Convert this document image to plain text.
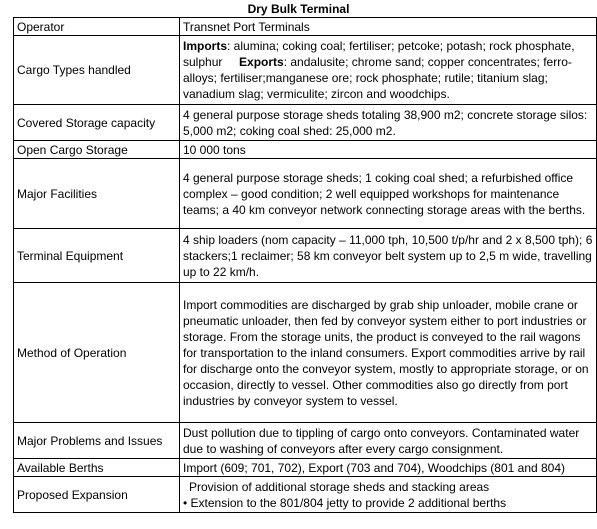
Dry Bulk Terminal
Operator	Transnet Port Terminals
Cargo Types handled	Imports: alumina; coking coal; fertiliser; petcoke; potash; rock phosphate, sulphur Exports: andalusite; chrome sand; copper concentrates; ferro- alloys; fertiliser;manganese ore; rock phosphate; rutile; titanium slag; vanadium slag; vermiculite; zircon and woodchips.
Covered Storage capacity	4 general purpose storage sheds totaling 38,900 m2; concrete storage silos: 5,000 m2; coking coal shed: 25,000 m2.
Open Cargo Storage	10 000 tons
Major Facilities	4 general purpose storage sheds; 1 coking coal shed; a refurbished office complex – good condition; 2 well equipped workshops for maintenance teams; a 40 km conveyor network connecting storage areas with the berths.
Terminal Equipment	4 ship loaders (nom capacity – 11,000 tph, 10,500 t/p/hr and 2 x 8,500 tph); 6 stackers;1 reclaimer; 58 km conveyor belt system up to 2,5 m wide, travelling up to 22 km/h.
Method of Operation	Import commodities are discharged by grab ship unloader, mobile crane or pneumatic unloader, then fed by conveyor system either to port industries or storage. From the storage units, the product is conveyed to the rail wagons for transportation to the inland consumers. Export commodities arrive by rail for discharge onto the conveyor system, mostly to appropriate storage, or on occasion, directly to vessel. Other commodities also go directly from port industries by conveyor system to vessel.
Major Problems and Issues	Dust pollution due to tippling of cargo onto conveyors. Contaminated water due to washing of conveyors after every cargo consignment.
Available Berths	Import (609; 701, 702), Export (703 and 704), Woodchips (801 and 804)
Proposed Expansion	Provision of additional storage sheds and stacking areas
• Extension to the 801/804 jetty to provide 2 additional berths
